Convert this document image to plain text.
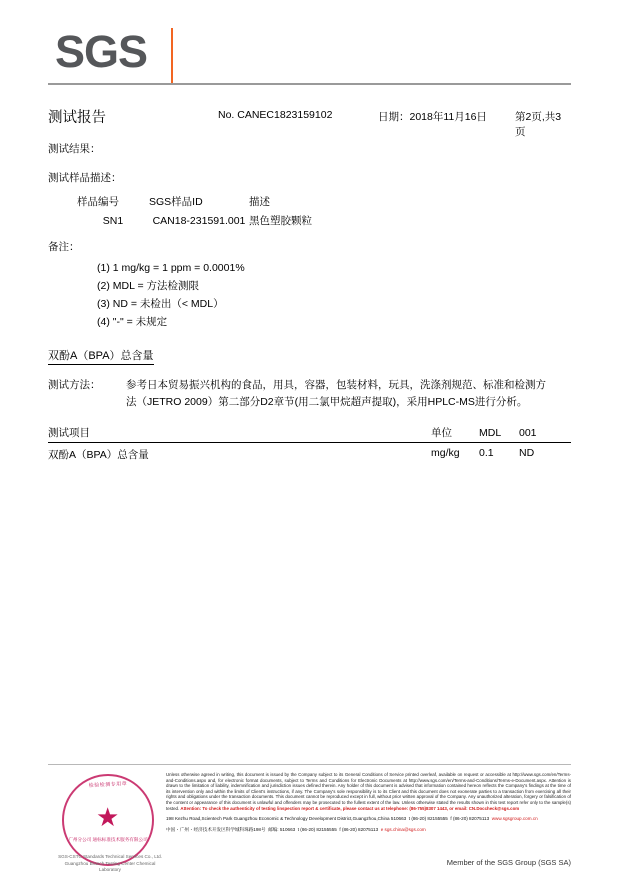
SGS
测试报告	No. CANEC1823159102	日期：2018年11月16日	第2页,共3页
测试结果：
测试样品描述：
样品编号	SGS样品ID	描述
SN1	CAN18-231591.001	黑色塑胶颗粒
备注：
(1) 1 mg/kg = 1 ppm = 0.0001%
(2) MDL = 方法检测限
(3) ND = 未检出（< MDL）
(4) "-" = 未规定
双酚A（BPA）总含量
测试方法： 参考日本贸易振兴机构的食品，用具，容器，包装材料，玩具，洗涤剂规范、标准和检测方
法（JETRO 2009）第二部分D2章节(用二氯甲烷超声提取)，采用HPLC-MS进行分析。
测试项目	单位	MDL	001
双酚A（BPA）总含量	mg/kg	0.1	ND
检验检测专用章
★
广州分公司 通标标准技术服务有限公司
SGS-CSTC Standards Technical Services Co., Ltd.
Guangzhou Branch Testing Center Chemical Laboratory
Unless otherwise agreed in writing, this document is issued by the Company subject to its General Conditions of Service printed overleaf, available on request or accessible at http://www.sgs.com/en/Terms-and-Conditions.aspx and, for electronic format documents, subject to Terms and Conditions for Electronic Documents at http://www.sgs.com/en/Terms-and-Conditions/Terms-e-Document.aspx. Attention is drawn to the limitation of liability, indemnification and jurisdiction issues defined therein. Any holder of this document is advised that information contained hereon reflects the Company's findings at the time of its intervention only and within the limits of Client's instructions, if any. The Company's sole responsibility is to its Client and this document does not exonerate parties to a transaction from exercising all their rights and obligations under the transaction documents. This document cannot be reproduced except in full, without prior written approval of the Company. Any unauthorized alteration, forgery or falsification of the content or appearance of this document is unlawful and offenders may be prosecuted to the fullest extent of the law. Unless otherwise stated the results shown in this test report refer only to the sample(s) tested. Attention: To check the authenticity of testing /inspection report & certificate, please contact us at telephone: (86-755)8307 1443, or email: CN.Doccheck@sgs.com
198 Kezhu Road,Scientech Park Guangzhou Economic & Technology Development District,Guangzhou,China 510663 t (86-20) 82155555 f (86-20) 82075113 www.sgsgroup.com.cn
中国・广州・经济技术开发区科学城科珠路198号 邮编: 510663 t (86-20) 82155555 f (86-20) 82075113 e sgs.china@sgs.com
Member of the SGS Group (SGS SA)
